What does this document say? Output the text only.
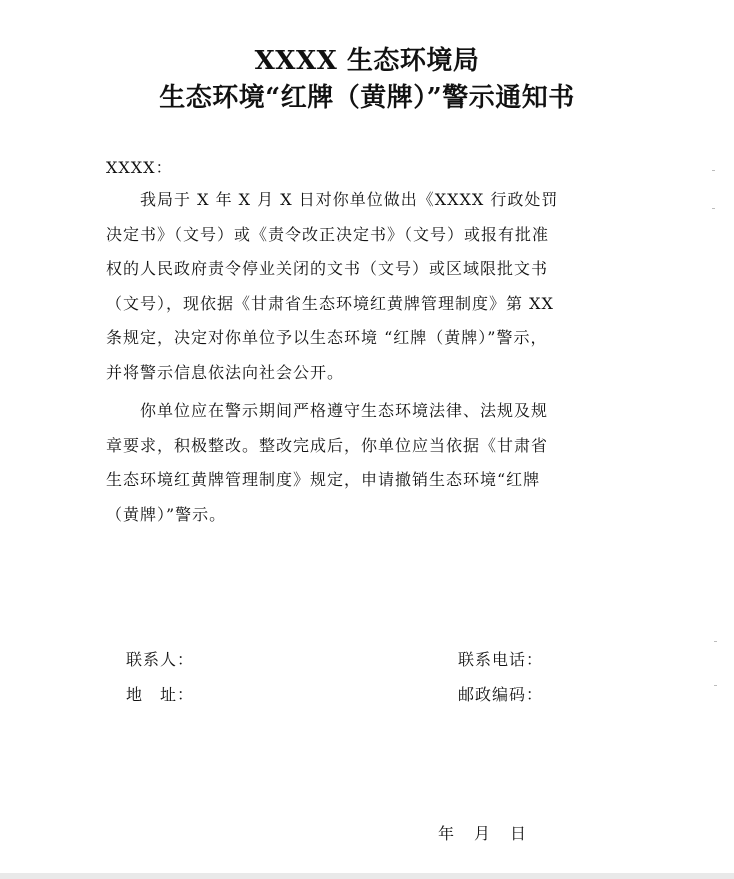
XXXX 生态环境局
生态环境“红牌（黄牌）”警示通知书
XXXX：
　　我局于 X 年 X 月 X 日对你单位做出《XXXX 行政处罚
决定书》（文号）或《责令改正决定书》（文号）或报有批准
权的人民政府责令停业关闭的文书（文号）或区域限批文书
（文号），现依据《甘肃省生态环境红黄牌管理制度》第 XX
条规定，决定对你单位予以生态环境 “红牌（黄牌）”警示，
并将警示信息依法向社会公开。
　　你单位应在警示期间严格遵守生态环境法律、法规及规
章要求，积极整改。整改完成后，你单位应当依据《甘肃省
生态环境红黄牌管理制度》规定，申请撤销生态环境“红牌
（黄牌）”警示。
联系人：	联系电话：
地　址：	邮政编码：
年 月 日
